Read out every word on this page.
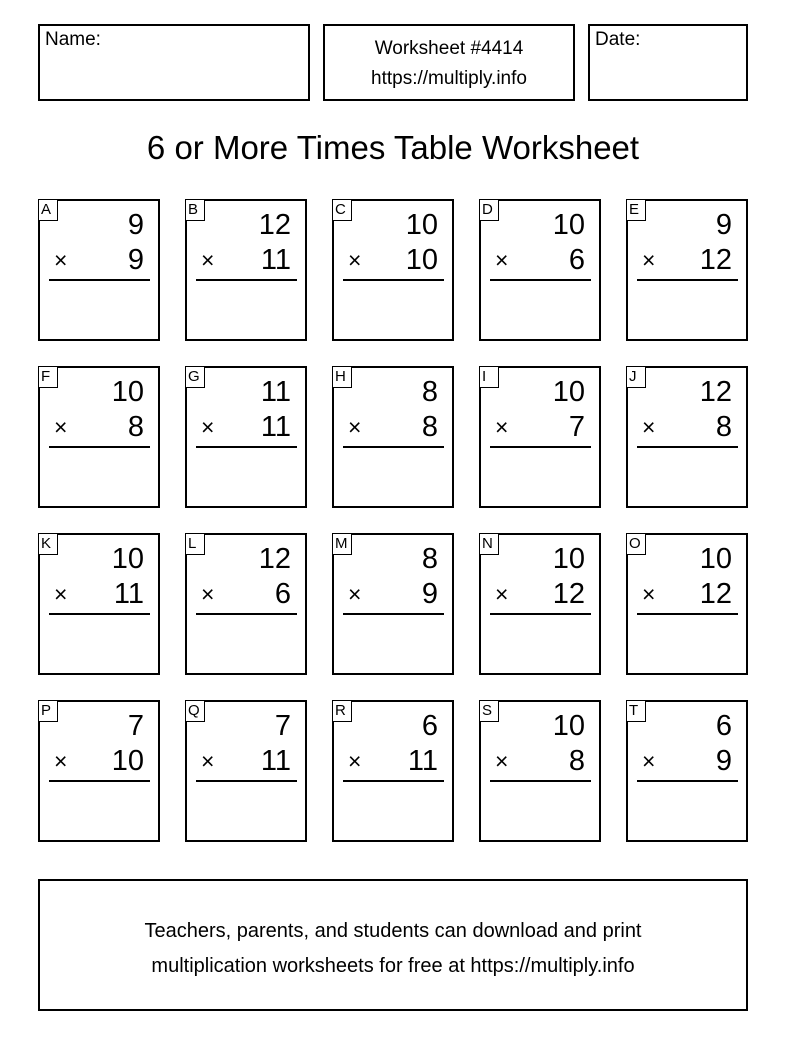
Name:	Worksheet #4414
https://multiply.info
Date:
6 or More Times Table Worksheet
A	9
× 9
B 12
× 11
C 10
× 10
D 10
× 6
E	9
× 12
F 10
× 8
G 11
× 11
H	8
× 8
I	10
× 7
J	12
× 8
K 10
× 11
L 12
× 6
M	8
× 9
N 10
× 12
O 10
× 12
P	7
× 10
Q	7
× 11
R	6
× 11
S 10
× 8
T	6
× 9
Teachers, parents, and students can download and print
multiplication worksheets for free at https://multiply.info
